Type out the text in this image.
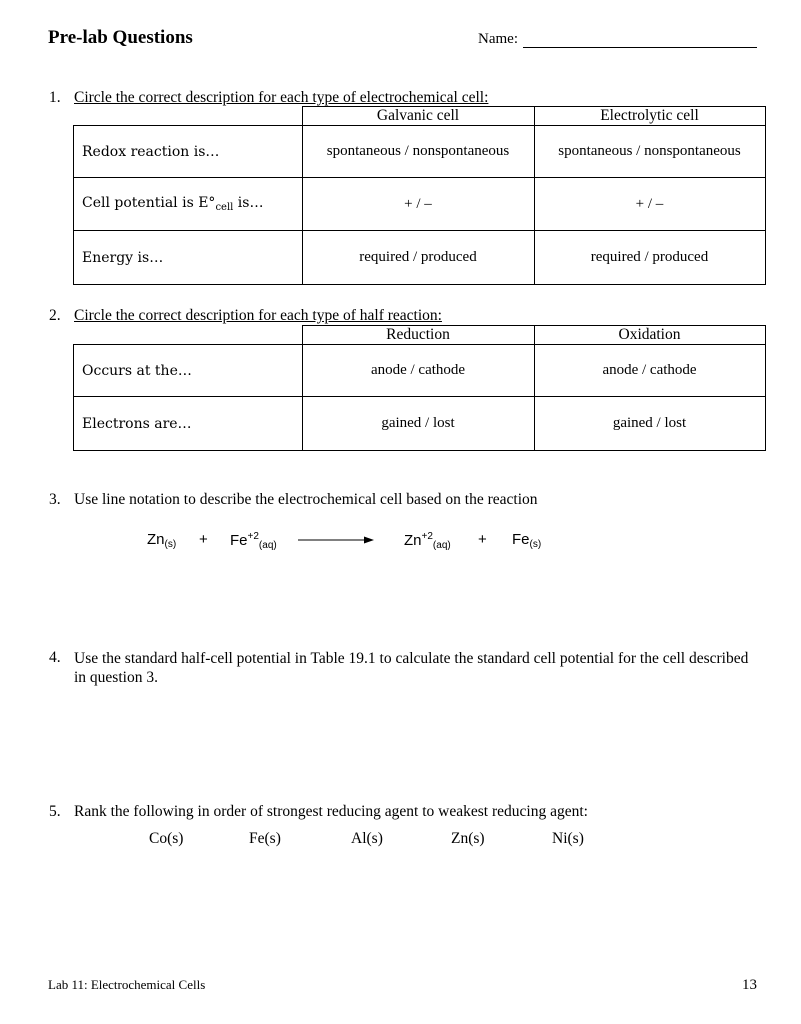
Pre-lab Questions	Name:
1. Circle the correct description for each type of electrochemical cell:
	Galvanic cell	Electrolytic cell
Redox reaction is…	spontaneous / nonspontaneous	spontaneous / nonspontaneous
Cell potential is $E^\circ_{cell}$ is…	+ / –	+ / –
Energy is…	required / produced	required / produced
2. Circle the correct description for each type of half reaction:
	Reduction	Oxidation
Occurs at the…	anode / cathode	anode / cathode
Electrons are…	gained / lost	gained / lost
3. Use line notation to describe the electrochemical cell based on the reaction
$Zn_{(s)} + Fe^{+2}_{(aq)}$	$Zn^{+2}_{(aq)} + Fe_{(s)}$
4. Use the standard half-cell potential in Table 19.1 to calculate the standard cell potential for the cell described in question 3.
5. Rank the following in order of strongest reducing agent to weakest reducing agent:
Co(s)	Fe(s)	Al(s)	Zn(s)	Ni(s)
Lab 11: Electrochemical Cells	13
